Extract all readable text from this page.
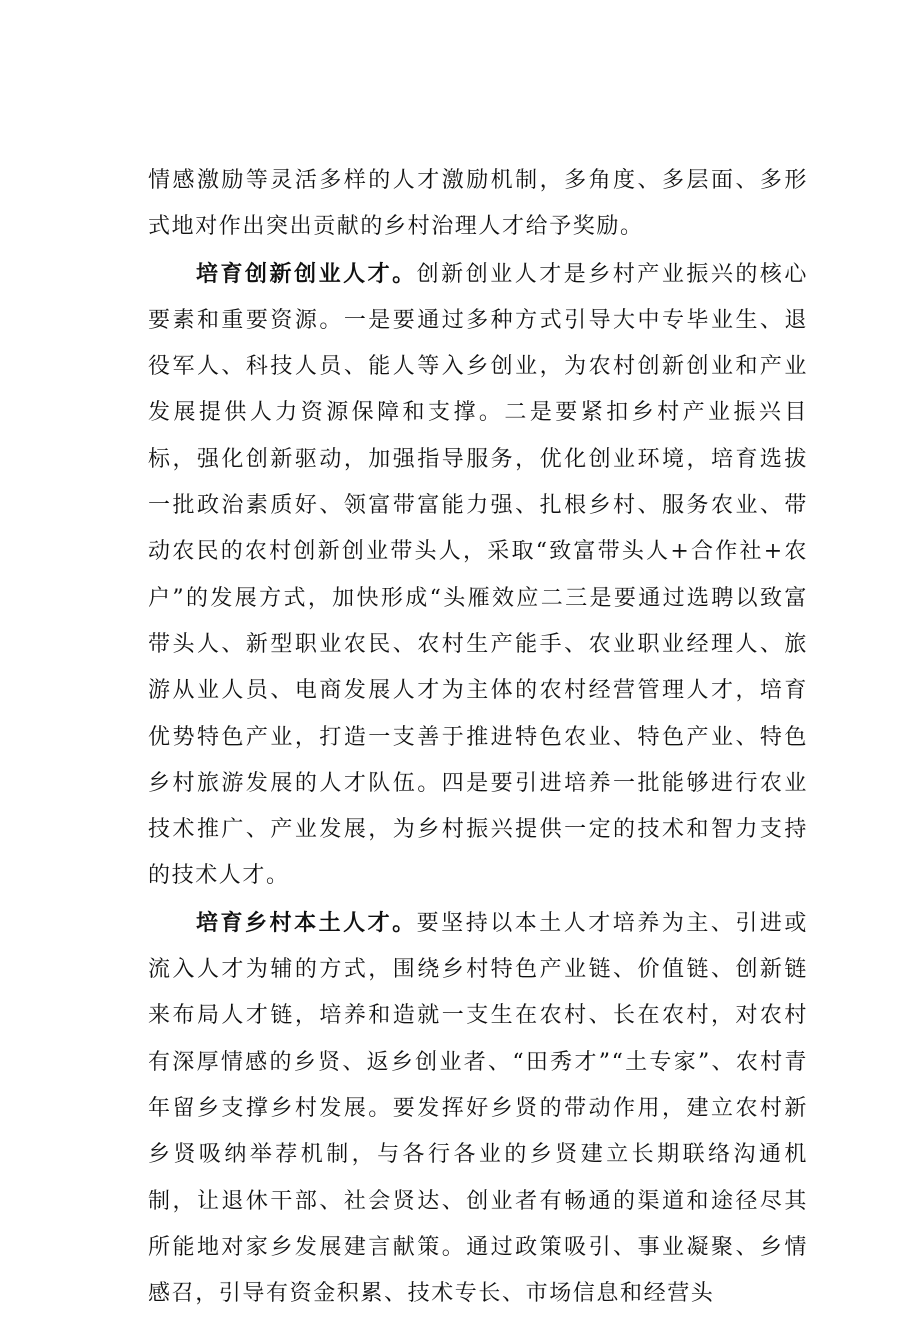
情感激励等灵活多样的人才激励机制，多角度、多层面、多形式地对作出突出贡献的乡村治理人才给予奖励。

培育创新创业人才。创新创业人才是乡村产业振兴的核心要素和重要资源。一是要通过多种方式引导大中专毕业生、退役军人、科技人员、能人等入乡创业，为农村创新创业和产业发展提供人力资源保障和支撑。二是要紧扣乡村产业振兴目标，强化创新驱动，加强指导服务，优化创业环境，培育选拔一批政治素质好、领富带富能力强、扎根乡村、服务农业、带动农民的农村创新创业带头人，采取“致富带头人+合作社+农户”的发展方式，加快形成“头雁效应二三是要通过选聘以致富带头人、新型职业农民、农村生产能手、农业职业经理人、旅游从业人员、电商发展人才为主体的农村经营管理人才，培育优势特色产业，打造一支善于推进特色农业、特色产业、特色乡村旅游发展的人才队伍。四是要引进培养一批能够进行农业技术推广、产业发展，为乡村振兴提供一定的技术和智力支持的技术人才。

培育乡村本土人才。要坚持以本土人才培养为主、引进或流入人才为辅的方式，围绕乡村特色产业链、价值链、创新链来布局人才链，培养和造就一支生在农村、长在农村，对农村有深厚情感的乡贤、返乡创业者、“田秀才”“土专家”、农村青年留乡支撑乡村发展。要发挥好乡贤的带动作用，建立农村新乡贤吸纳举荐机制，与各行各业的乡贤建立长期联络沟通机制，让退休干部、社会贤达、创业者有畅通的渠道和途径尽其所能地对家乡发展建言献策。通过政策吸引、事业凝聚、乡情感召，引导有资金积累、技术专长、市场信息和经营头
